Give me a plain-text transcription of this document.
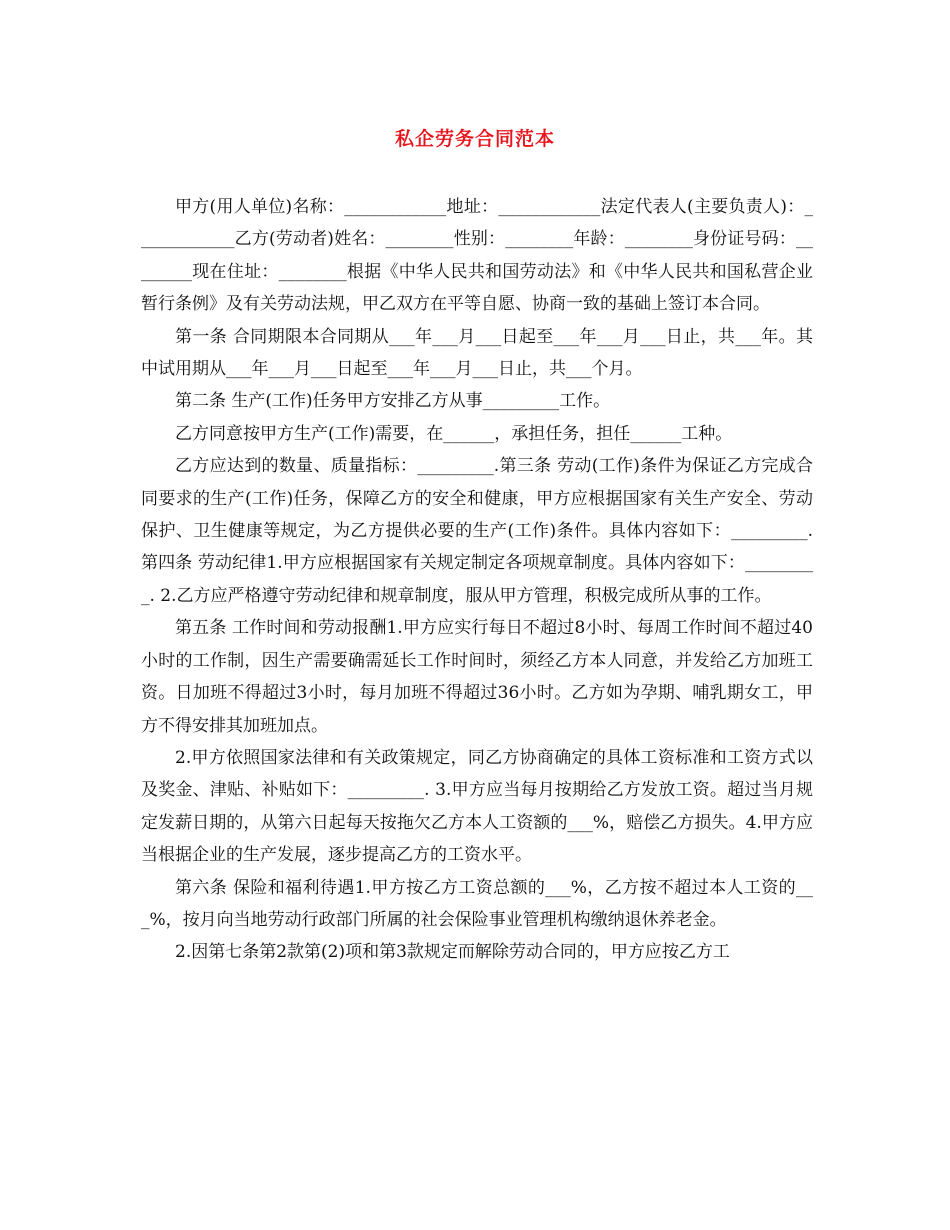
私企劳务合同范本

甲方(用人单位)名称：____________地址：____________法定代表人(主要负责人)：____________乙方(劳动者)姓名：________性别：________年龄：________身份证号码：________现在住址：________根据《中华人民共和国劳动法》和《中华人民共和国私营企业暂行条例》及有关劳动法规，甲乙双方在平等自愿、协商一致的基础上签订本合同。

第一条 合同期限本合同期从___年___月___日起至___年___月___日止，共___年。其中试用期从___年___月___日起至___年___月___日止，共___个月。

第二条 生产(工作)任务甲方安排乙方从事_________工作。

乙方同意按甲方生产(工作)需要，在______，承担任务，担任______工种。

乙方应达到的数量、质量指标：_________.第三条 劳动(工作)条件为保证乙方完成合同要求的生产(工作)任务，保障乙方的安全和健康，甲方应根据国家有关生产安全、劳动保护、卫生健康等规定，为乙方提供必要的生产(工作)条件。具体内容如下：_________.第四条 劳动纪律1.甲方应根据国家有关规定制定各项规章制度。具体内容如下：_________. 2.乙方应严格遵守劳动纪律和规章制度，服从甲方管理，积极完成所从事的工作。

第五条 工作时间和劳动报酬1.甲方应实行每日不超过8小时、每周工作时间不超过40小时的工作制，因生产需要确需延长工作时间时，须经乙方本人同意，并发给乙方加班工资。日加班不得超过3小时，每月加班不得超过36小时。乙方如为孕期、哺乳期女工，甲方不得安排其加班加点。

2.甲方依照国家法律和有关政策规定，同乙方协商确定的具体工资标准和工资方式以及奖金、津贴、补贴如下：_________. 3.甲方应当每月按期给乙方发放工资。超过当月规定发薪日期的，从第六日起每天按拖欠乙方本人工资额的___%，赔偿乙方损失。4.甲方应当根据企业的生产发展，逐步提高乙方的工资水平。

第六条 保险和福利待遇1.甲方按乙方工资总额的___%，乙方按不超过本人工资的___%，按月向当地劳动行政部门所属的社会保险事业管理机构缴纳退休养老金。

2.因第七条第2款第(2)项和第3款规定而解除劳动合同的，甲方应按乙方工
